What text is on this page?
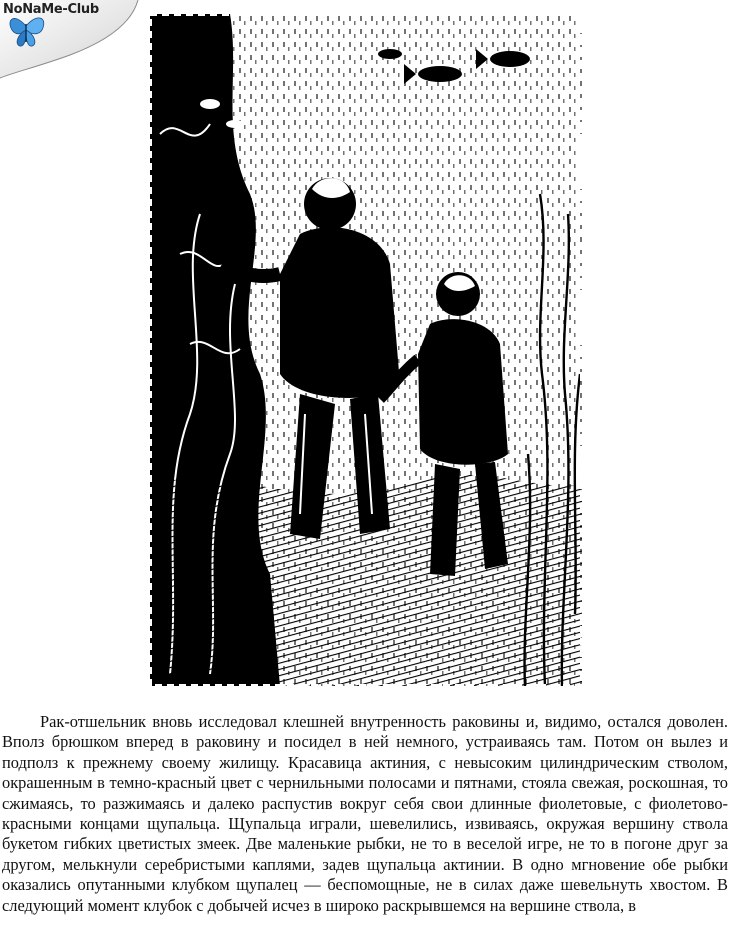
NoNaMe-Club

Рак-отшельник вновь исследовал клешней внутренность раковины и, видимо, остался доволен. Вполз брюшком вперед в раковину и посидел в ней немного, устраиваясь там. Потом он вылез и подполз к прежнему своему жилищу. Красавица актиния, с невысоким цилиндрическим стволом, окрашенным в темно-красный цвет с чернильными полосами и пятнами, стояла свежая, роскошная, то сжимаясь, то разжимаясь и далеко распустив вокруг себя свои длинные фиолетовые, с фиолетово-красными концами щупальца. Щупальца играли, шевелились, извиваясь, окружая вершину ствола букетом гибких цветистых змеек. Две маленькие рыбки, не то в веселой игре, не то в погоне друг за другом, мелькнули серебристыми каплями, задев щупальца актинии. В одно мгновение обе рыбки оказались опутанными клубком щупалец — беспомощные, не в силах даже шевельнуть хвостом. В следующий момент клубок с добычей исчез в широко раскрывшемся на вершине ствола, в
